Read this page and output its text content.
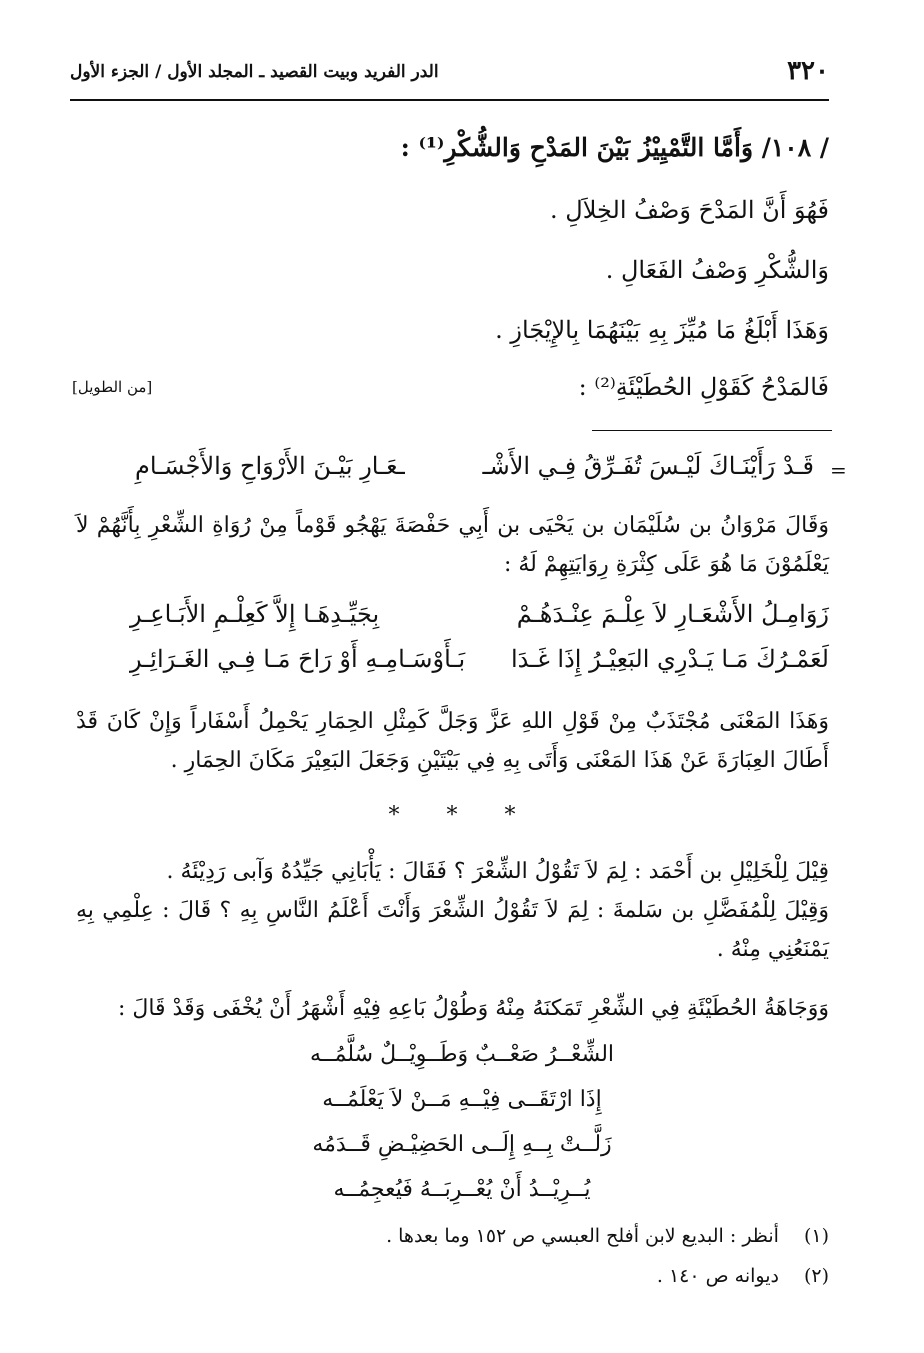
٣٢٠
الدر الفريد وبيت القصيد ـ المجلد الأول / الجزء الأول
/ ١٠٨/ وَأَمَّا التَّمْيِيْزُ بَيْنَ المَدْحِ وَالشُّكْرِ⁽¹⁾ :
فَهُوَ أَنَّ المَدْحَ وَصْفُ الخِلاَلِ .
وَالشُّكْرِ وَصْفُ الفَعَالِ .
وَهَذَا أَبْلَغُ مَا مُيِّزَ بِهِ بَيْنَهُمَا بِالإِيْجَازِ .
فَالمَدْحُ كَقَوْلِ الحُطَيْئَةِ⁽²⁾ :
[من الطويل]
=
قَـدْ رَأَيْنَـاكَ لَيْـسَ تُفَـرِّقُ فِـي الأَشْـ
ـعَـارِ بَيْـنَ الأَرْوَاحِ وَالأَجْسَـامِ
وَقَالَ مَرْوَانُ بن سُلَيْمَان بن يَحْيَى بن أَبِي حَفْصَةَ يَهْجُو قَوْماً مِنْ رُوَاةِ الشِّعْرِ بِأَنَّهُمْ لاَ يَعْلَمُوْنَ مَا هُوَ عَلَى كِثْرَةِ رِوَايَتِهِمْ لَهُ :
زَوَامِـلُ الأَشْعَـارِ لاَ عِلْـمَ عِنْـدَهُـمْ
بِجَيِّـدِهَـا إِلاَّ كَعِلْـمِ الأَبَـاعِـرِ
لَعَمْـرُكَ مَـا يَـدْرِي البَعِيْـرُ إِذَا غَـدَا
بَـأَوْسَـامِـهِ أَوْ رَاحَ مَـا فِـي الغَـرَائِـرِ
وَهَذَا المَعْنَى مُجْتَذَبٌ مِنْ قَوْلِ اللهِ عَزَّ وَجَلَّ كَمِثْلِ الحِمَارِ يَحْمِلُ أَسْفَاراً وَإِنْ كَانَ قَدْ أَطَالَ العِبَارَةَ عَنْ هَذَا المَعْنَى وَأَتَى بِهِ فِي بَيْتَيْنِ وَجَعَلَ البَعِيْرَ مَكَانَ الحِمَارِ .
* * *
قِيْلَ لِلْخَلِيْلِ بن أَحْمَد : لِمَ لاَ تَقُوْلُ الشِّعْرَ ؟ فَقَالَ : يَأْبَانِي جَيِّدُهُ وَآبى رَدِيْئَهُ .
وَقِيْلَ لِلْمُفَضَّلِ بن سَلمةَ : لِمَ لاَ تَقُوْلُ الشِّعْرَ وَأَنْتَ أَعْلَمُ النَّاسِ بِهِ ؟ قَالَ : عِلْمِي بِهِ يَمْنَعُنِي مِنْهُ .
وَوَجَاهَةُ الحُطَيْئَةِ فِي الشِّعْرِ تَمَكنَهُ مِنْهُ وَطُوْلُ بَاعِهِ فِيْهِ أَشْهَرُ أَنْ يُخْفَى وَقَدْ قَالَ :
الشِّعْــرُ صَعْــبٌ وَطَــوِيْــلٌ سُلَّمُــه
إِذَا ارْتَقَــى فِيْــهِ مَــنْ لاَ يَعْلَمُــه
زَلَّــتْ بِــهِ إِلَــى الحَضِيْـضِ قَــدَمُه
يُــرِيْــدُ أَنْ يُعْــرِبَــهُ فَيُعجِمُــه
(١) أنظر : البديع لابن أفلح العبسي ص ١٥٢ وما بعدها .
(٢) ديوانه ص ١٤٠ .
